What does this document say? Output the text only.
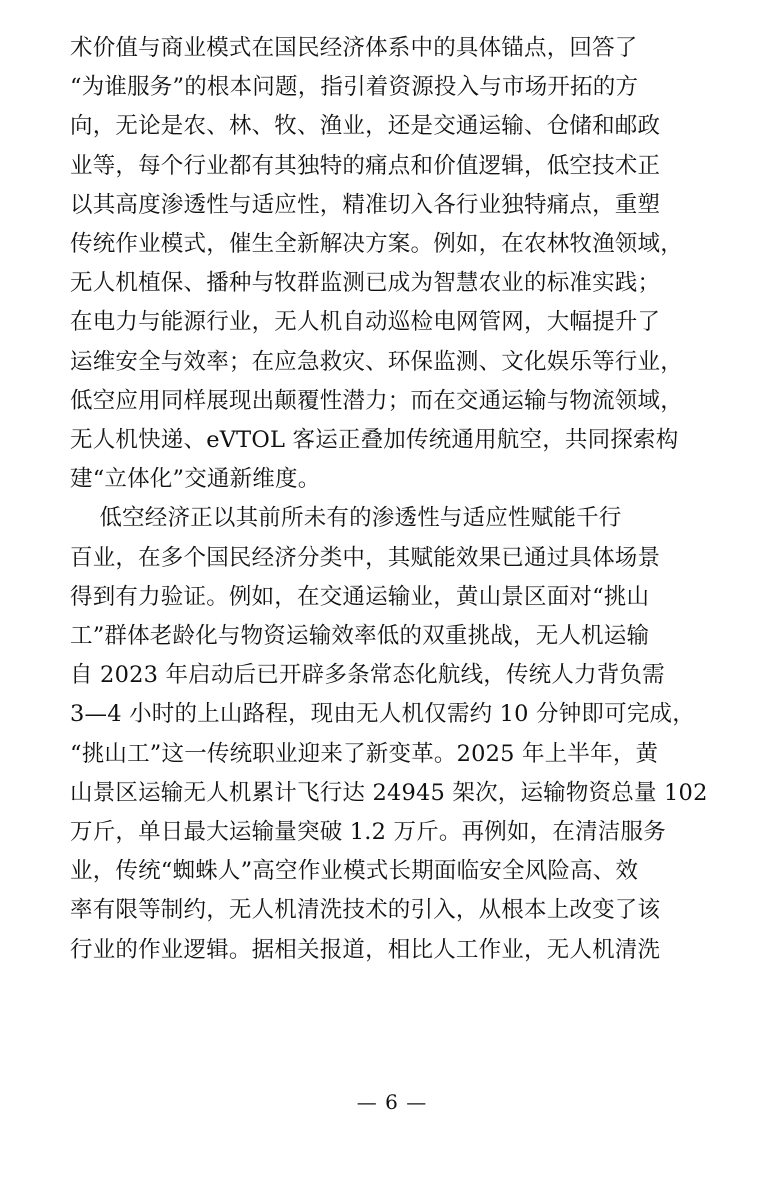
术价值与商业模式在国民经济体系中的具体锚点，回答了
“为谁服务”的根本问题，指引着资源投入与市场开拓的方
向，无论是农、林、牧、渔业，还是交通运输、仓储和邮政
业等，每个行业都有其独特的痛点和价值逻辑，低空技术正
以其高度渗透性与适应性，精准切入各行业独特痛点，重塑
传统作业模式，催生全新解决方案。例如，在农林牧渔领域，
无人机植保、播种与牧群监测已成为智慧农业的标准实践；
在电力与能源行业，无人机自动巡检电网管网，大幅提升了
运维安全与效率；在应急救灾、环保监测、文化娱乐等行业，
低空应用同样展现出颠覆性潜力；而在交通运输与物流领域，
无人机快递、eVTOL 客运正叠加传统通用航空，共同探索构
建“立体化”交通新维度。
低空经济正以其前所未有的渗透性与适应性赋能千行
百业，在多个国民经济分类中，其赋能效果已通过具体场景
得到有力验证。例如，在交通运输业，黄山景区面对“挑山
工”群体老龄化与物资运输效率低的双重挑战，无人机运输
自 2023 年启动后已开辟多条常态化航线，传统人力背负需
3—4 小时的上山路程，现由无人机仅需约 10 分钟即可完成，
“挑山工”这一传统职业迎来了新变革。2025 年上半年，黄
山景区运输无人机累计飞行达 24945 架次，运输物资总量 102
万斤，单日最大运输量突破 1.2 万斤。再例如，在清洁服务
业，传统“蜘蛛人”高空作业模式长期面临安全风险高、效
率有限等制约，无人机清洗技术的引入，从根本上改变了该
行业的作业逻辑。据相关报道，相比人工作业，无人机清洗
— 6 —
